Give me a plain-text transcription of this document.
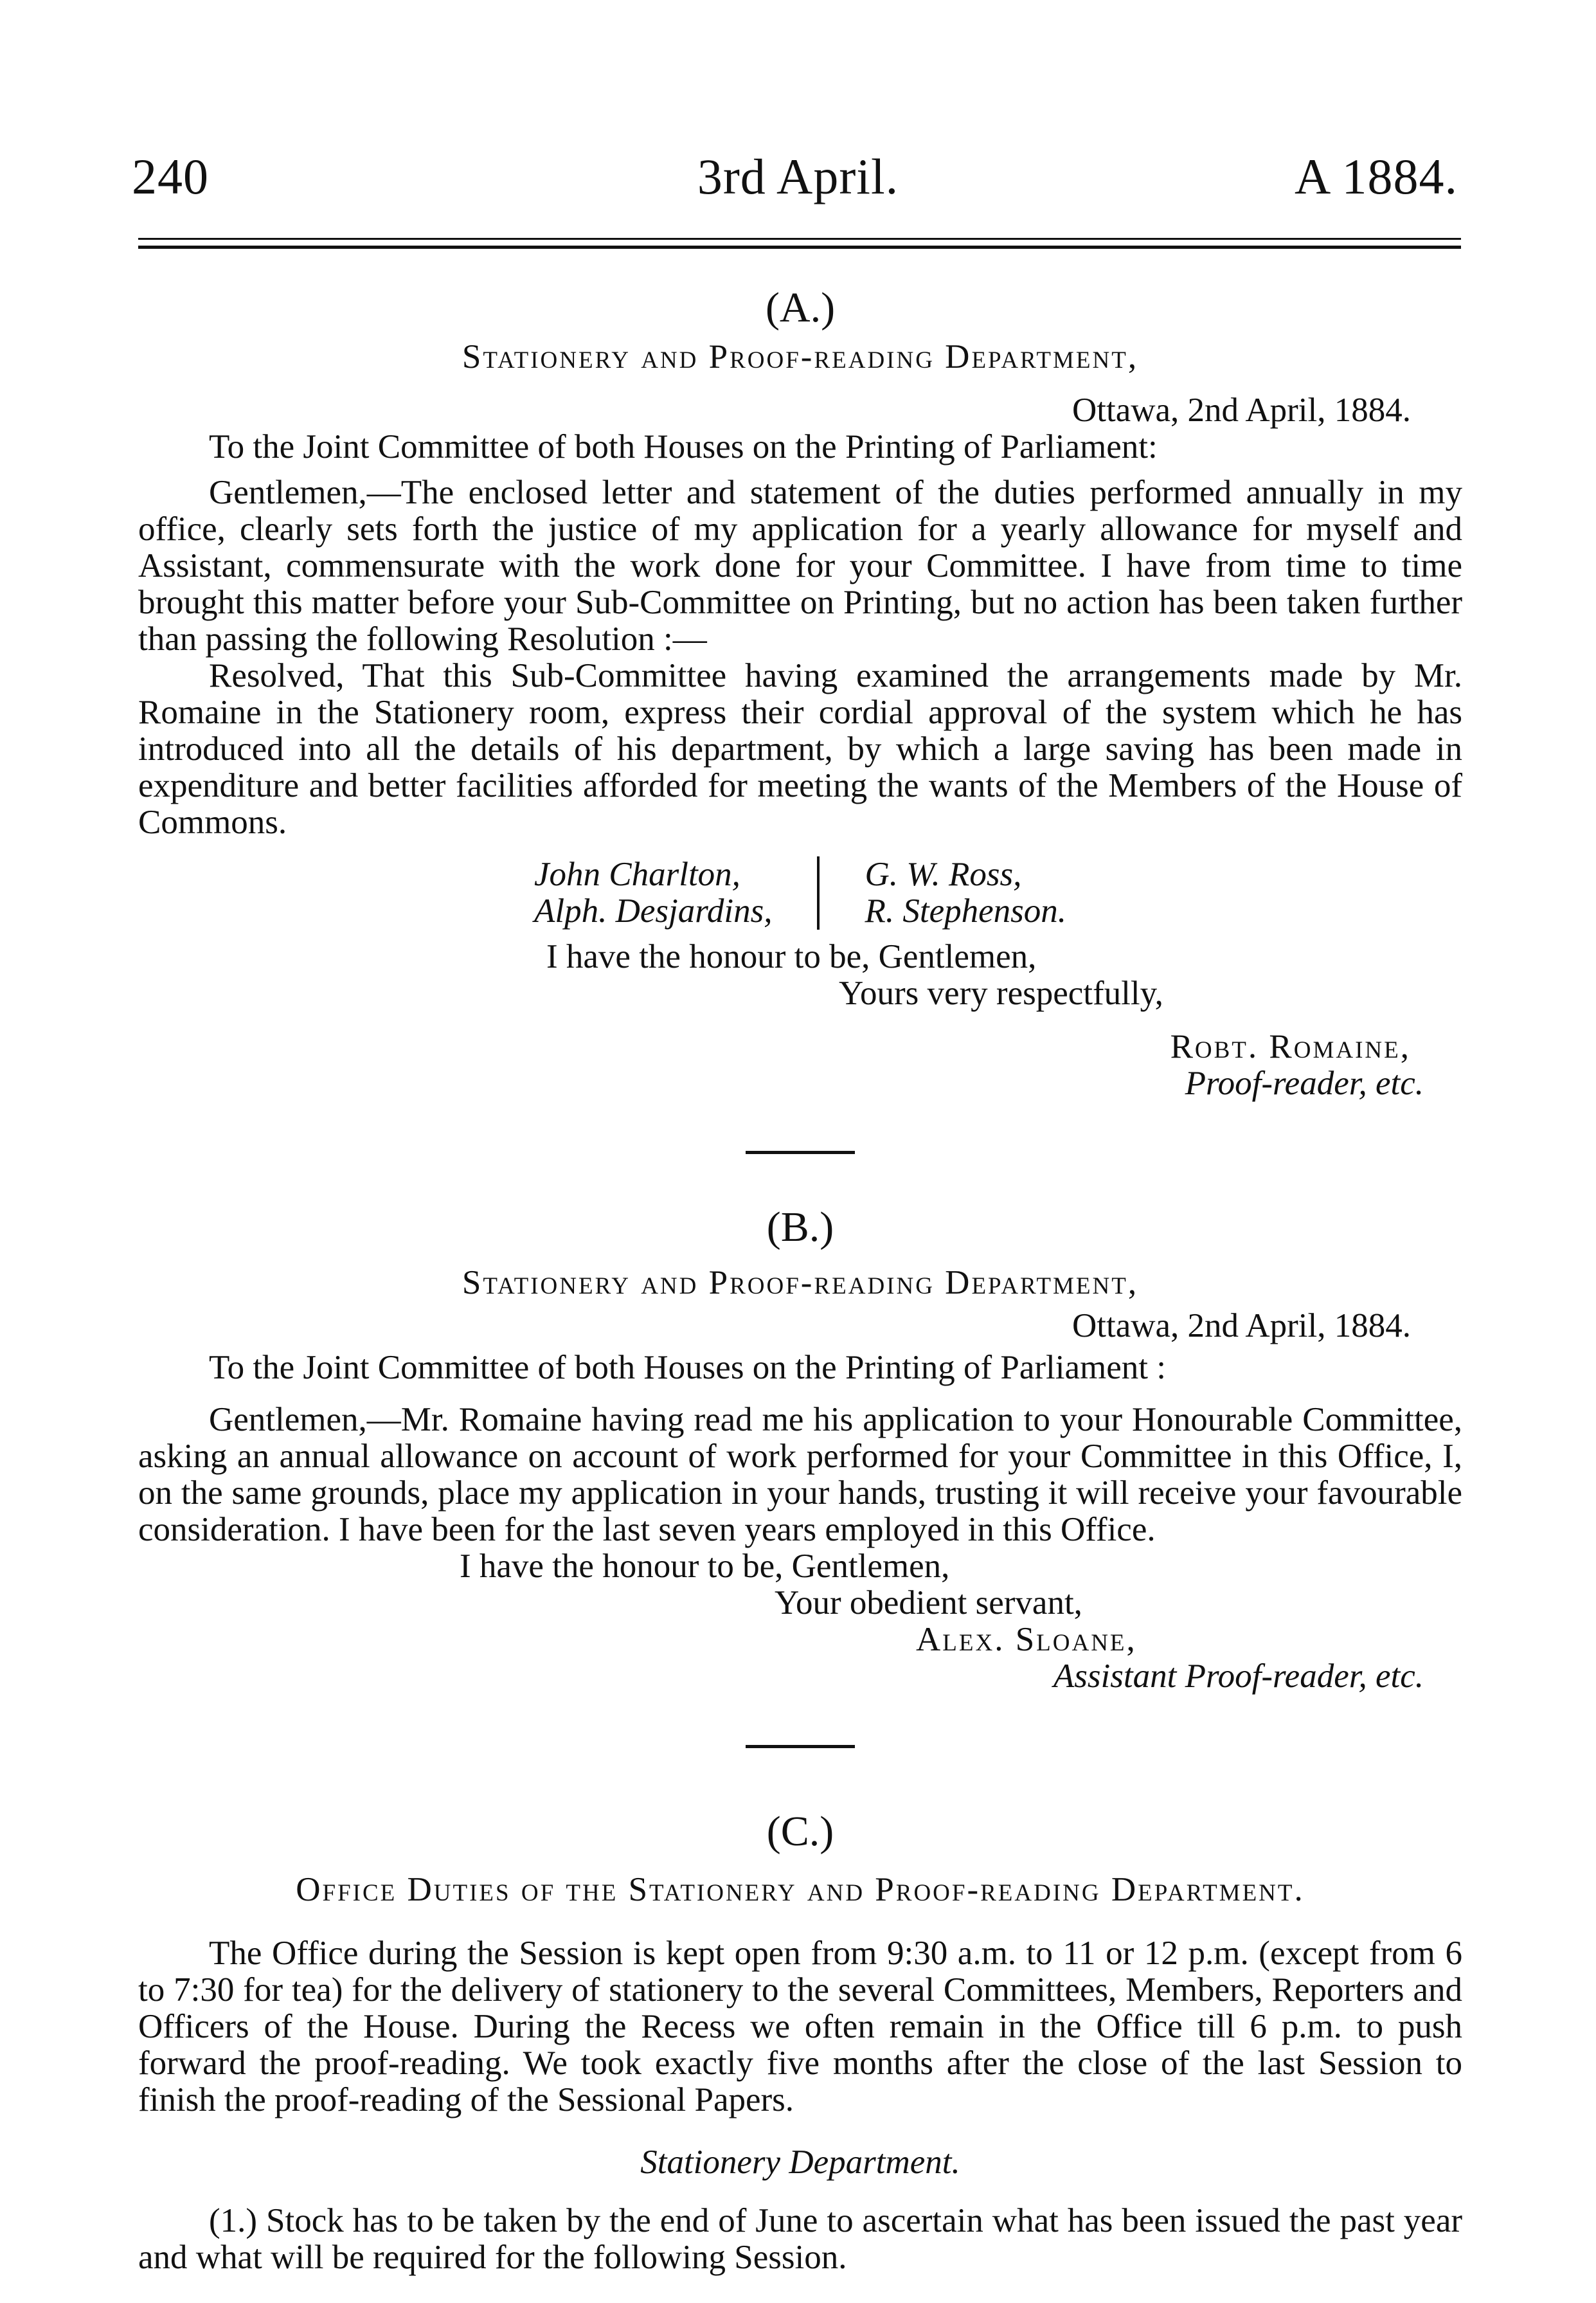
240	3rd April.	A 1884.

(A.)

Stationery and Proof-reading Department,

Ottawa, 2nd April, 1884.

To the Joint Committee of both Houses on the Printing of Parliament:

Gentlemen,—The enclosed letter and statement of the duties performed annually in my office, clearly sets forth the justice of my application for a yearly allowance for myself and Assistant, commensurate with the work done for your Committee. I have from time to time brought this matter before your Sub-Committee on Printing, but no action has been taken further than passing the following Resolution :—

Resolved, That this Sub-Committee having examined the arrangements made by Mr. Romaine in the Stationery room, express their cordial approval of the system which he has introduced into all the details of his department, by which a large saving has been made in expenditure and better facilities afforded for meeting the wants of the Members of the House of Commons.

John Charlton,
Alph. Desjardins,
G. W. Ross,
R. Stephenson.

I have the honour to be, Gentlemen,

Yours very respectfully,

Robt. Romaine,

Proof-reader, etc.

(B.)

Stationery and Proof-reading Department,

Ottawa, 2nd April, 1884.

To the Joint Committee of both Houses on the Printing of Parliament :

Gentlemen,—Mr. Romaine having read me his application to your Honourable Committee, asking an annual allowance on account of work performed for your Committee in this Office, I, on the same grounds, place my application in your hands, trusting it will receive your favourable consideration. I have been for the last seven years employed in this Office.

I have the honour to be, Gentlemen,

Your obedient servant,

Alex. Sloane,

Assistant Proof-reader, etc.

(C.)

Office Duties of the Stationery and Proof-reading Department.

The Office during the Session is kept open from 9:30 a.m. to 11 or 12 p.m. (except from 6 to 7:30 for tea) for the delivery of stationery to the several Committees, Members, Reporters and Officers of the House. During the Recess we often remain in the Office till 6 p.m. to push forward the proof-reading. We took exactly five months after the close of the last Session to finish the proof-reading of the Sessional Papers.

Stationery Department.

(1.) Stock has to be taken by the end of June to ascertain what has been issued the past year and what will be required for the following Session.
